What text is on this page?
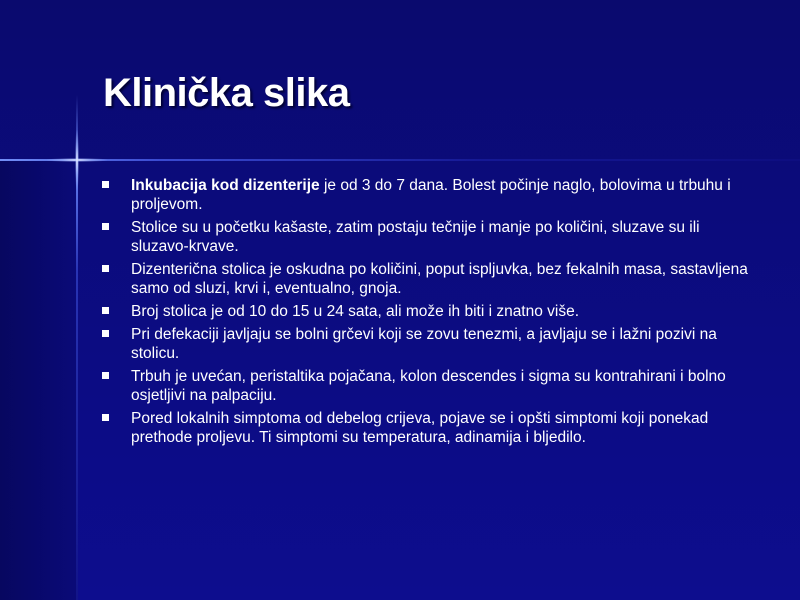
Klinička slika
Inkubacija kod dizenterije je od 3 do 7 dana. Bolest počinje naglo, bolovima u trbuhu i proljevom.
Stolice su u početku kašaste, zatim postaju tečnije i manje po količini, sluzave su ili sluzavo-krvave.
Dizenterična stolica je oskudna po količini, poput ispljuvka, bez fekalnih masa, sastavljena samo od sluzi, krvi i, eventualno, gnoja.
Broj stolica je od 10 do 15 u 24 sata, ali može ih biti i znatno više.
Pri defekaciji javljaju se bolni grčevi koji se zovu tenezmi, a javljaju se i lažni pozivi na stolicu.
Trbuh je uvećan, peristaltika pojačana, kolon descendes i sigma su kontrahirani i bolno osjetljivi na palpaciju.
Pored lokalnih simptoma od debelog crijeva, pojave se i opšti simptomi koji ponekad prethode proljevu. Ti simptomi su temperatura, adinamija i bljedilo.
